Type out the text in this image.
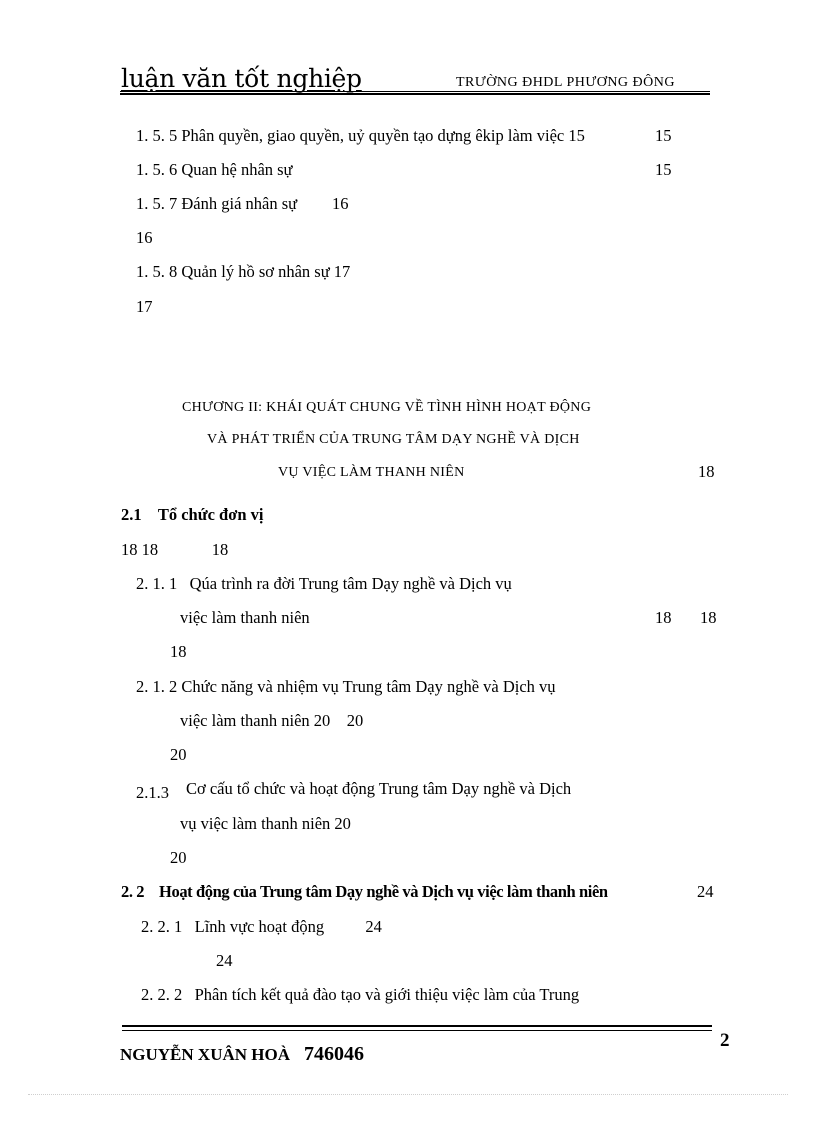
luận văn tốt nghiệp	TRƯỜNG ĐHDL PHƯƠNG ĐÔNG
1. 5. 5 Phân quyền, giao quyền, uỷ quyền tạo dựng êkip làm việc 15	15
1. 5. 6 Quan hệ nhân sự	15
1. 5. 7 Đánh giá nhân sự 16
16
1. 5. 8 Quản lý hồ sơ nhân sự 17
17
CHƯƠNG II: KHÁI QUÁT CHUNG VỀ TÌNH HÌNH HOẠT ĐỘNG
VÀ PHÁT TRIỂN CỦA TRUNG TÂM DẠY NGHỀ VÀ DỊCH
VỤ VIỆC LÀM THANH NIÊN	18
2.1    Tổ chức đơn vị
18 18             18
2. 1. 1   Qúa trình ra đời Trung tâm Dạy nghề và Dịch vụ
việc làm thanh niên	18 18
18
2. 1. 2 Chức năng và nhiệm vụ Trung tâm Dạy nghề và Dịch vụ
việc làm thanh niên 20    20
20
2.1.3 Cơ cấu tổ chức và hoạt động Trung tâm Dạy nghề và Dịch
vụ việc làm thanh niên 20
20
2. 2    Hoạt động của Trung tâm Dạy nghề và Dịch vụ việc làm thanh niên	24
2. 2. 1   Lĩnh vực hoạt động          24
24
2. 2. 2   Phân tích kết quả đào tạo và giới thiệu việc làm của Trung
NGUYỄN XUÂN HOÀ 746046
2
